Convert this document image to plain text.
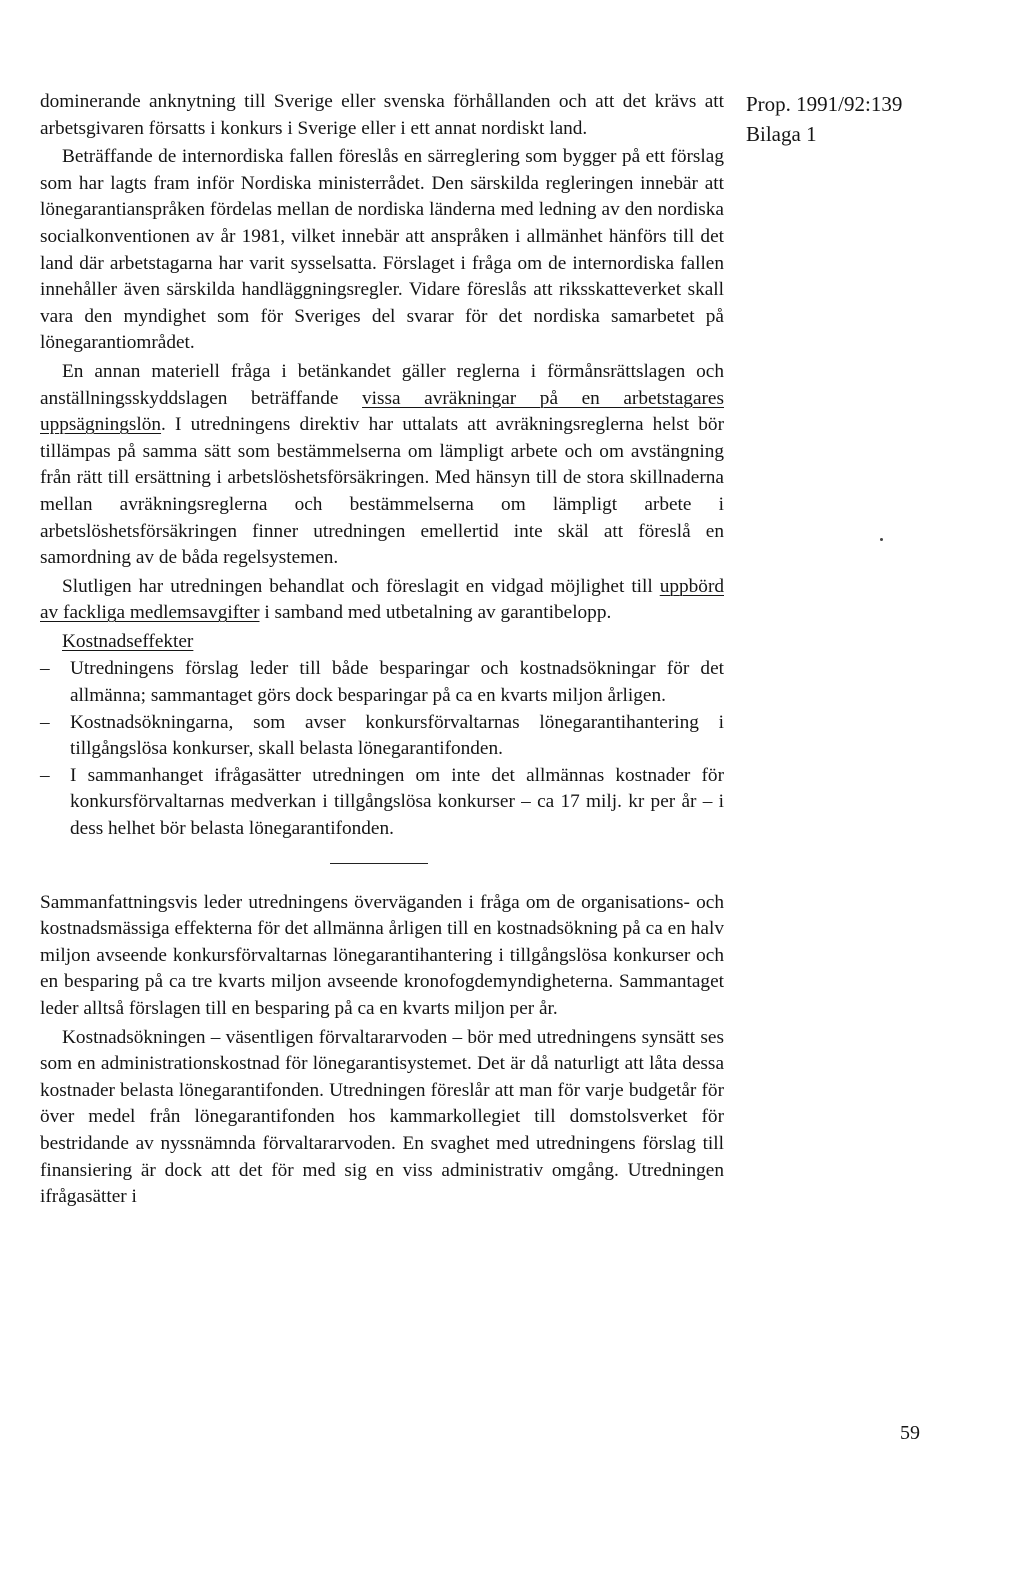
Prop. 1991/92:139
Bilaga 1

dominerande anknytning till Sverige eller svenska förhållanden och att det krävs att arbetsgivaren försatts i konkurs i Sverige eller i ett annat nordiskt land.

Beträffande de internordiska fallen föreslås en särreglering som bygger på ett förslag som har lagts fram inför Nordiska ministerrådet. Den särskilda regleringen innebär att lönegarantianspråken fördelas mellan de nordiska länderna med ledning av den nordiska socialkonventionen av år 1981, vilket innebär att anspråken i allmänhet hänförs till det land där arbetstagarna har varit sysselsatta. Förslaget i fråga om de internordiska fallen innehåller även särskilda handläggningsregler. Vidare föreslås att riksskatteverket skall vara den myndighet som för Sveriges del svarar för det nordiska samarbetet på lönegarantiområdet.

En annan materiell fråga i betänkandet gäller reglerna i förmånsrättslagen och anställningsskyddslagen beträffande vissa avräkningar på en arbetstagares uppsägningslön. I utredningens direktiv har uttalats att avräkningsreglerna helst bör tillämpas på samma sätt som bestämmelserna om lämpligt arbete och om avstängning från rätt till ersättning i arbetslöshetsförsäkringen. Med hänsyn till de stora skillnaderna mellan avräkningsreglerna och bestämmelserna om lämpligt arbete i arbetslöshetsförsäkringen finner utredningen emellertid inte skäl att föreslå en samordning av de båda regelsystemen.

Slutligen har utredningen behandlat och föreslagit en vidgad möjlighet till uppbörd av fackliga medlemsavgifter i samband med utbetalning av garantibelopp.

Kostnadseffekter

–	Utredningens förslag leder till både besparingar och kostnadsökningar för det allmänna; sammantaget görs dock besparingar på ca en kvarts miljon årligen.
–	Kostnadsökningarna, som avser konkursförvaltarnas lönegarantihantering i tillgångslösa konkurser, skall belasta lönegarantifonden.
–	I sammanhanget ifrågasätter utredningen om inte det allmännas kostnader för konkursförvaltarnas medverkan i tillgångslösa konkurser – ca 17 milj. kr per år – i dess helhet bör belasta lönegarantifonden.

Sammanfattningsvis leder utredningens överväganden i fråga om de organisations- och kostnadsmässiga effekterna för det allmänna årligen till en kostnadsökning på ca en halv miljon avseende konkursförvaltarnas lönegarantihantering i tillgångslösa konkurser och en besparing på ca tre kvarts miljon avseende kronofogdemyndigheterna. Sammantaget leder alltså förslagen till en besparing på ca en kvarts miljon per år.

Kostnadsökningen – väsentligen förvaltararvoden – bör med utredningens synsätt ses som en administrationskostnad för lönegarantisystemet. Det är då naturligt att låta dessa kostnader belasta lönegarantifonden. Utredningen föreslår att man för varje budgetår för över medel från lönegarantifonden hos kammarkollegiet till domstolsverket för bestridande av nyssnämnda förvaltararvoden. En svaghet med utredningens förslag till finansiering är dock att det för med sig en viss administrativ omgång. Utredningen ifrågasätter i

59
